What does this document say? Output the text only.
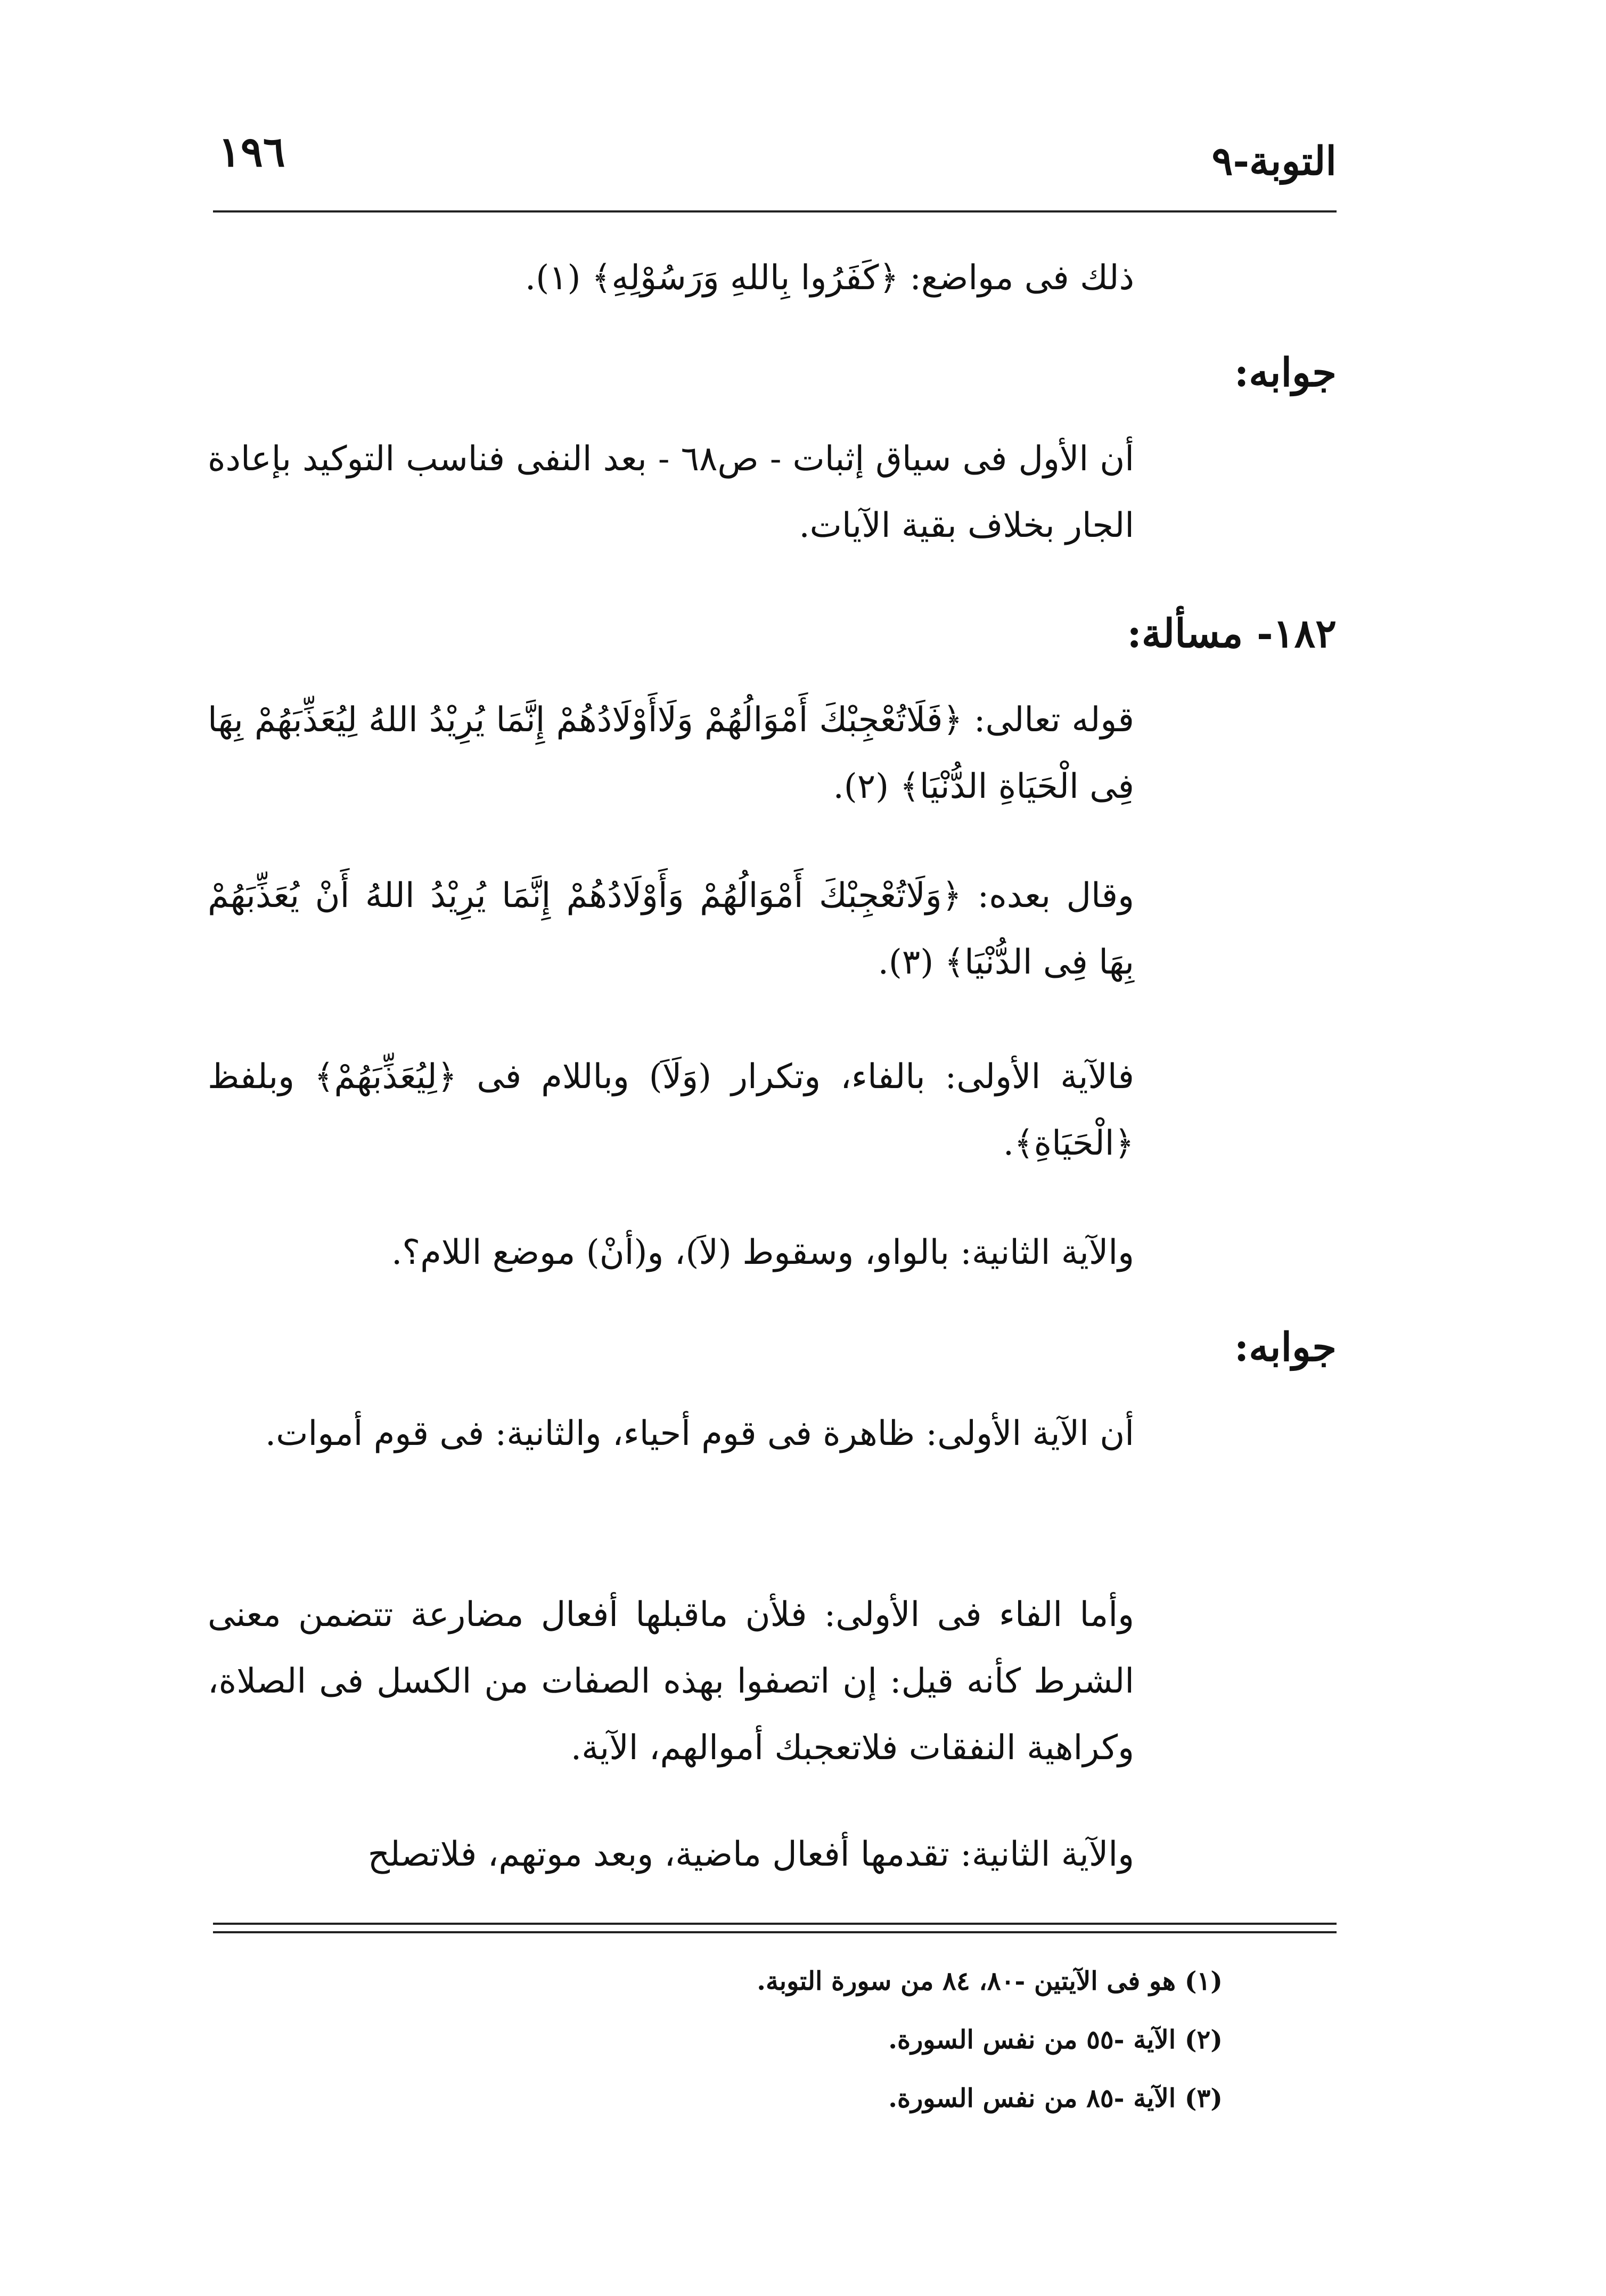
١٩٦	التوبة-٩
ذلك فى مواضع: ﴿كَفَرُوا بِاللهِ وَرَسُوْلِهِ﴾ (١).
جوابه:
أن الأول فى سياق إثبات - ص٦٨ - بعد النفى فناسب التوكيد بإعادة الجار بخلاف بقية الآيات.
١٨٢- مسألة:
قوله تعالى: ﴿فَلَاتُعْجِبْكَ أَمْوَالُهُمْ وَلَاأَوْلَادُهُمْ إِنَّمَا يُرِيْدُ اللهُ لِيُعَذِّبَهُمْ بِهَا فِى الْحَيَاةِ الدُّنْيَا﴾ (٢).
وقال بعده: ﴿وَلَاتُعْجِبْكَ أَمْوَالُهُمْ وَأَوْلَادُهُمْ إِنَّمَا يُرِيْدُ اللهُ أَنْ يُعَذِّبَهُمْ بِهَا فِى الدُّنْيَا﴾ (٣).
فالآية الأولى: بالفاء، وتكرار (وَلَاَ) وباللام فى ﴿لِيُعَذِّبَهُمْ﴾ وبلفظ ﴿الْحَيَاةِ﴾.
والآية الثانية: بالواو، وسقوط (لاَ)، و(أنْ) موضع اللام؟.
جوابه:
أن الآية الأولى: ظاهرة فى قوم أحياء، والثانية: فى قوم أموات.
وأما الفاء فى الأولى: فلأن ماقبلها أفعال مضارعة تتضمن معنى الشرط كأنه قيل: إن اتصفوا بهذه الصفات من الكسل فى الصلاة، وكراهية النفقات فلاتعجبك أموالهم، الآية.
والآية الثانية: تقدمها أفعال ماضية، وبعد موتهم، فلاتصلح
(١) هو فى الآيتين -٨٠، ٨٤ من سورة التوبة.
(٢) الآية -٥٥ من نفس السورة.
(٣) الآية -٨٥ من نفس السورة.
